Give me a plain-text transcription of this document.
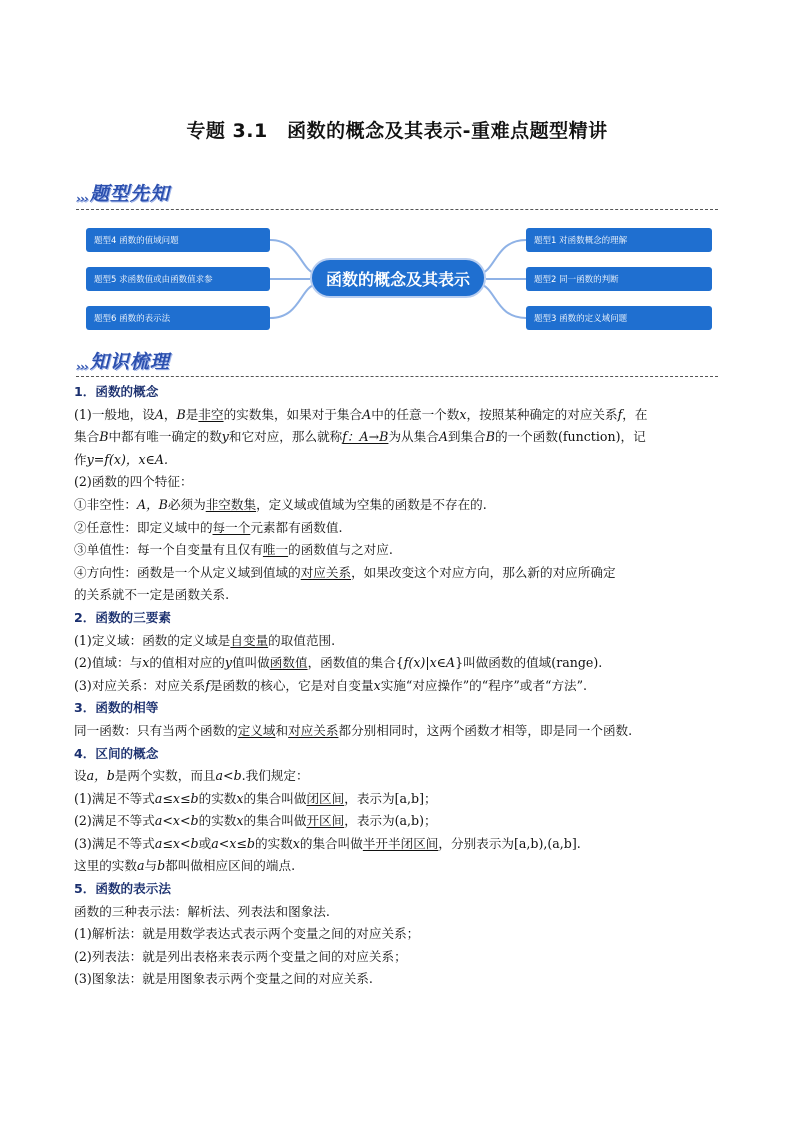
专题 3.1　函数的概念及其表示-重难点题型精讲
››› 题型先知
题型4 函数的值域问题
题型5 求函数值或由函数值求参
题型6 函数的表示法
函数的概念及其表示
题型1 对函数概念的理解
题型2 同一函数的判断
题型3 函数的定义域问题
››› 知识梳理
1．函数的概念
(1)一般地，设A，B是非空的实数集，如果对于集合A中的任意一个数x，按照某种确定的对应关系f，在
集合B中都有唯一确定的数y和它对应，那么就称f：A→B为从集合A到集合B的一个函数(function)，记
作y=f(x)，x∈A.
(2)函数的四个特征：
①非空性：A，B必须为非空数集，定义域或值域为空集的函数是不存在的.
②任意性：即定义域中的每一个元素都有函数值.
③单值性：每一个自变量有且仅有唯一的函数值与之对应.
④方向性：函数是一个从定义域到值域的对应关系，如果改变这个对应方向，那么新的对应所确定
的关系就不一定是函数关系.
2．函数的三要素
(1)定义域：函数的定义域是自变量的取值范围.
(2)值域：与x的值相对应的y值叫做函数值，函数值的集合{f(x)|x∈A}叫做函数的值域(range).
(3)对应关系：对应关系f是函数的核心，它是对自变量x实施“对应操作”的“程序”或者“方法”.
3．函数的相等
同一函数：只有当两个函数的定义域和对应关系都分别相同时，这两个函数才相等，即是同一个函数.
4．区间的概念
设a，b是两个实数，而且a<b.我们规定：
(1)满足不等式a≤x≤b的实数x的集合叫做闭区间，表示为[a,b]；
(2)满足不等式a<x<b的实数x的集合叫做开区间，表示为(a,b)；
(3)满足不等式a≤x<b或a<x≤b的实数x的集合叫做半开半闭区间，分别表示为[a,b),(a,b].
这里的实数a与b都叫做相应区间的端点.
5．函数的表示法
函数的三种表示法：解析法、列表法和图象法.
(1)解析法：就是用数学表达式表示两个变量之间的对应关系；
(2)列表法：就是列出表格来表示两个变量之间的对应关系；
(3)图象法：就是用图象表示两个变量之间的对应关系.
